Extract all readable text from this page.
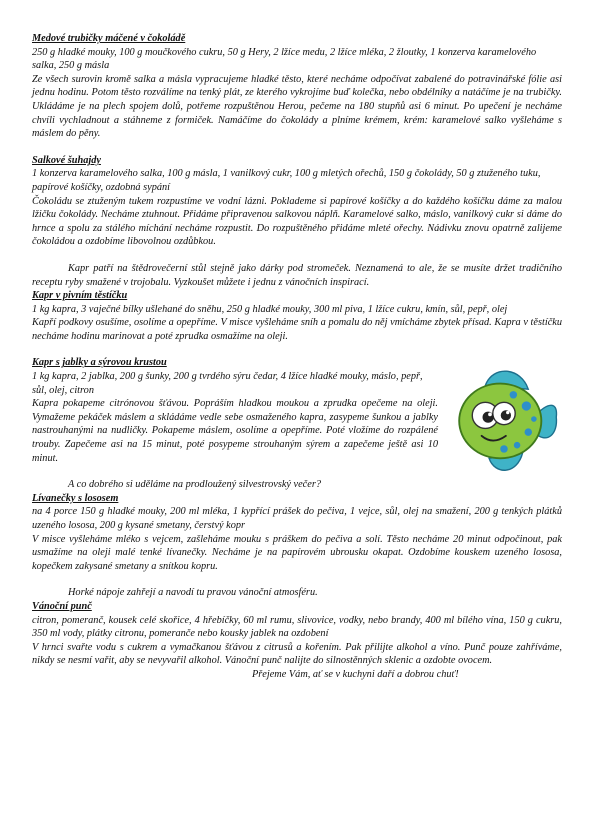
Medové trubičky máčené v čokoládě

250 g hladké mouky, 100 g moučkového cukru, 50 g Hery, 2 lžíce medu, 2 lžíce mléka, 2 žloutky, 1 konzerva karamelového salka, 250 g másla

Ze všech surovin kromě salka a másla vypracujeme hladké těsto, které necháme odpočívat zabalené do potravinářské fólie asi jednu hodinu. Potom těsto rozválíme na tenký plát, ze kterého vykrojíme buď kolečka, nebo obdélníky a natáčíme je na trubičky. Ukládáme je na plech spojem dolů, potřeme rozpuštěnou Herou, pečeme na 180 stupňů asi 6 minut. Po upečení je necháme chvíli vychladnout a stáhneme z formiček. Namáčíme do čokolády a plníme krémem, krém: karamelové salko vyšleháme s máslem do pěny.

Salkové šuhajdy

1 konzerva karamelového salka, 100 g másla, 1 vanilkový cukr, 100 g mletých ořechů, 150 g čokolády, 50 g ztuženého tuku, papírové košíčky, ozdobná sypání

Čokoládu se ztuženým tukem rozpustíme ve vodní lázni. Poklademe si papírové košíčky a do každého košíčku dáme za malou lžičku čokolády. Necháme ztuhnout. Přidáme připravenou salkovou náplň. Karamelové salko, máslo, vanilkový cukr si dáme do hrnce a spolu za stálého míchání necháme rozpustit. Do rozpuštěného přidáme mleté ořechy. Nádivku znovu opatrně zalijeme čokoládou a ozdobíme libovolnou ozdůbkou.

Kapr patří na štědrovečerní stůl stejně jako dárky pod stromeček. Neznamená to ale, že se musíte držet tradičního receptu ryby smažené v trojobalu. Vyzkoušet můžete i jednu z vánočních inspirací.

Kapr v pivním těstíčku

1 kg kapra, 3 vaječné bílky ušlehané do sněhu, 250 g hladké mouky, 300 ml piva, 1 lžíce cukru, kmín, sůl, pepř, olej

Kapří podkovy osušíme, osolíme a opepříme. V misce vyšleháme sníh a pomalu do něj vmícháme zbytek přísad. Kapra v těstíčku necháme hodinu marinovat a poté zprudka osmažíme na oleji.

Kapr s jablky a sýrovou krustou

1 kg kapra, 2 jablka, 200 g šunky, 200 g tvrdého sýru čedar, 4 lžíce hladké mouky, máslo, pepř, sůl, olej, citron

Kapra pokapeme citrónovou šťávou. Popráším hladkou moukou a zprudka opečeme na oleji. Vymažeme pekáček máslem a skládáme vedle sebe osmaženého kapra, zasypeme šunkou a jablky nastrouhanými na nudličky. Pokapeme máslem, osolíme a opepříme. Poté vložíme do rozpálené trouby. Zapečeme asi na 15 minut, poté posypeme strouhaným sýrem a zapečeme ještě asi 10 minut.

A co dobrého si uděláme na prodloužený silvestrovský večer?

Lívanečky s lososem

na 4 porce 150 g hladké mouky, 200 ml mléka, 1 kypřící prášek do pečiva, 1 vejce, sůl, olej na smažení, 200 g tenkých plátků uzeného lososa, 200 g kysané smetany, čerstvý kopr

V misce vyšleháme mléko s vejcem, zašleháme mouku s práškem do pečiva a solí. Těsto necháme 20 minut odpočinout, pak usmažíme na oleji malé tenké lívanečky. Necháme je na papírovém ubrousku okapat. Ozdobíme kouskem uzeného lososa, kopečkem zakysané smetany a snítkou kopru.

Horké nápoje zahřejí a navodí tu pravou vánoční atmosféru.

Vánoční punč

citron, pomeranč, kousek celé skořice, 4 hřebíčky, 60 ml rumu, slivovice, vodky, nebo brandy, 400 ml bílého vína, 150 g cukru, 350 ml vody, plátky citronu, pomeranče nebo kousky jablek na ozdobení

V hrnci svařte vodu s cukrem a vymačkanou šťávou z citrusů a kořením. Pak přilijte alkohol a víno. Punč pouze zahříváme, nikdy se nesmí vařit, aby se nevyvařil alkohol. Vánoční punč nalijte do silnostěnných sklenic a ozdobte ovocem.

Přejeme Vám, ať se v kuchyni daří a dobrou chuť!
